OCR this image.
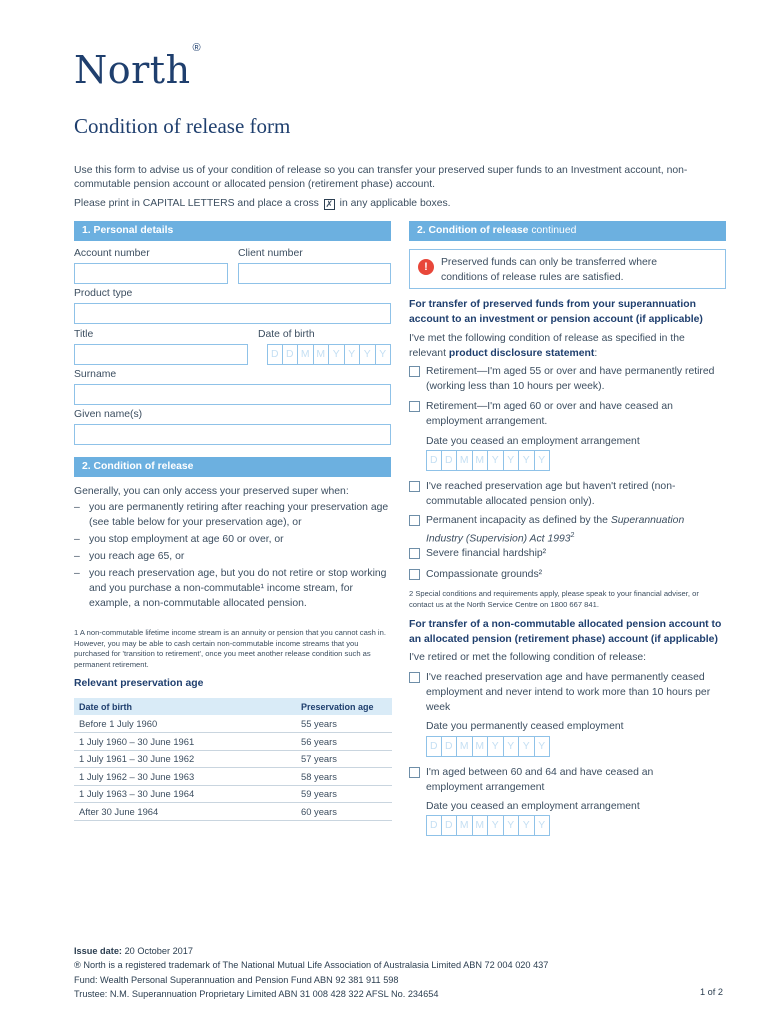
North ®
Condition of release form
Use this form to advise us of your condition of release so you can transfer your preserved super funds to an Investment account, non-commutable pension account or allocated pension (retirement phase) account.
Please print in CAPITAL LETTERS and place a cross ✗ in any applicable boxes.
1. Personal details
Account number	Client number
Product type
Title	Date of birth
D D M M Y Y Y Y
Surname
Given name(s)
2. Condition of release
Generally, you can only access your preserved super when:
– you are permanently retiring after reaching your preservation age (see table below for your preservation age), or
– you stop employment at age 60 or over, or
– you reach age 65, or
– you reach preservation age, but you do not retire or stop working and you purchase a non-commutable¹ income stream, for example, a non-commutable allocated pension.
1 A non-commutable lifetime income stream is an annuity or pension that you cannot cash in. However, you may be able to cash certain non-commutable income streams that you purchased for 'transition to retirement', once you meet another release condition such as permanent retirement.
Relevant preservation age
Date of birth	Preservation age
Before 1 July 1960	55 years
1 July 1960 – 30 June 1961	56 years
1 July 1961 – 30 June 1962	57 years
1 July 1962 – 30 June 1963	58 years
1 July 1963 – 30 June 1964	59 years
After 30 June 1964	60 years
2. Condition of release continued
!	Preserved funds can only be transferred where conditions of release rules are satisfied.
For transfer of preserved funds from your superannuation account to an investment or pension account (if applicable)
I've met the following condition of release as specified in the relevant product disclosure statement:
Retirement—I'm aged 55 or over and have permanently retired (working less than 10 hours per week).
Retirement—I'm aged 60 or over and have ceased an employment arrangement.
Date you ceased an employment arrangement
D D M M Y Y Y Y
I've reached preservation age but haven't retired (non-commutable allocated pension only).
Permanent incapacity as defined by the Superannuation Industry (Supervision) Act 1993$^2$
Severe financial hardship²
Compassionate grounds²
2 Special conditions and requirements apply, please speak to your financial adviser, or contact us at the North Service Centre on 1800 667 841.
For transfer of a non-commutable allocated pension account to an allocated pension (retirement phase) account (if applicable)
I've retired or met the following condition of release:
I've reached preservation age and have permanently ceased employment and never intend to work more than 10 hours per week
Date you permanently ceased employment
D D M M Y Y Y Y
I'm aged between 60 and 64 and have ceased an employment arrangement
Date you ceased an employment arrangement
D D M M Y Y Y Y
Issue date: 20 October 2017
® North is a registered trademark of The National Mutual Life Association of Australasia Limited ABN 72 004 020 437
Fund: Wealth Personal Superannuation and Pension Fund ABN 92 381 911 598
Trustee: N.M. Superannuation Proprietary Limited ABN 31 008 428 322 AFSL No. 234654	1 of 2
